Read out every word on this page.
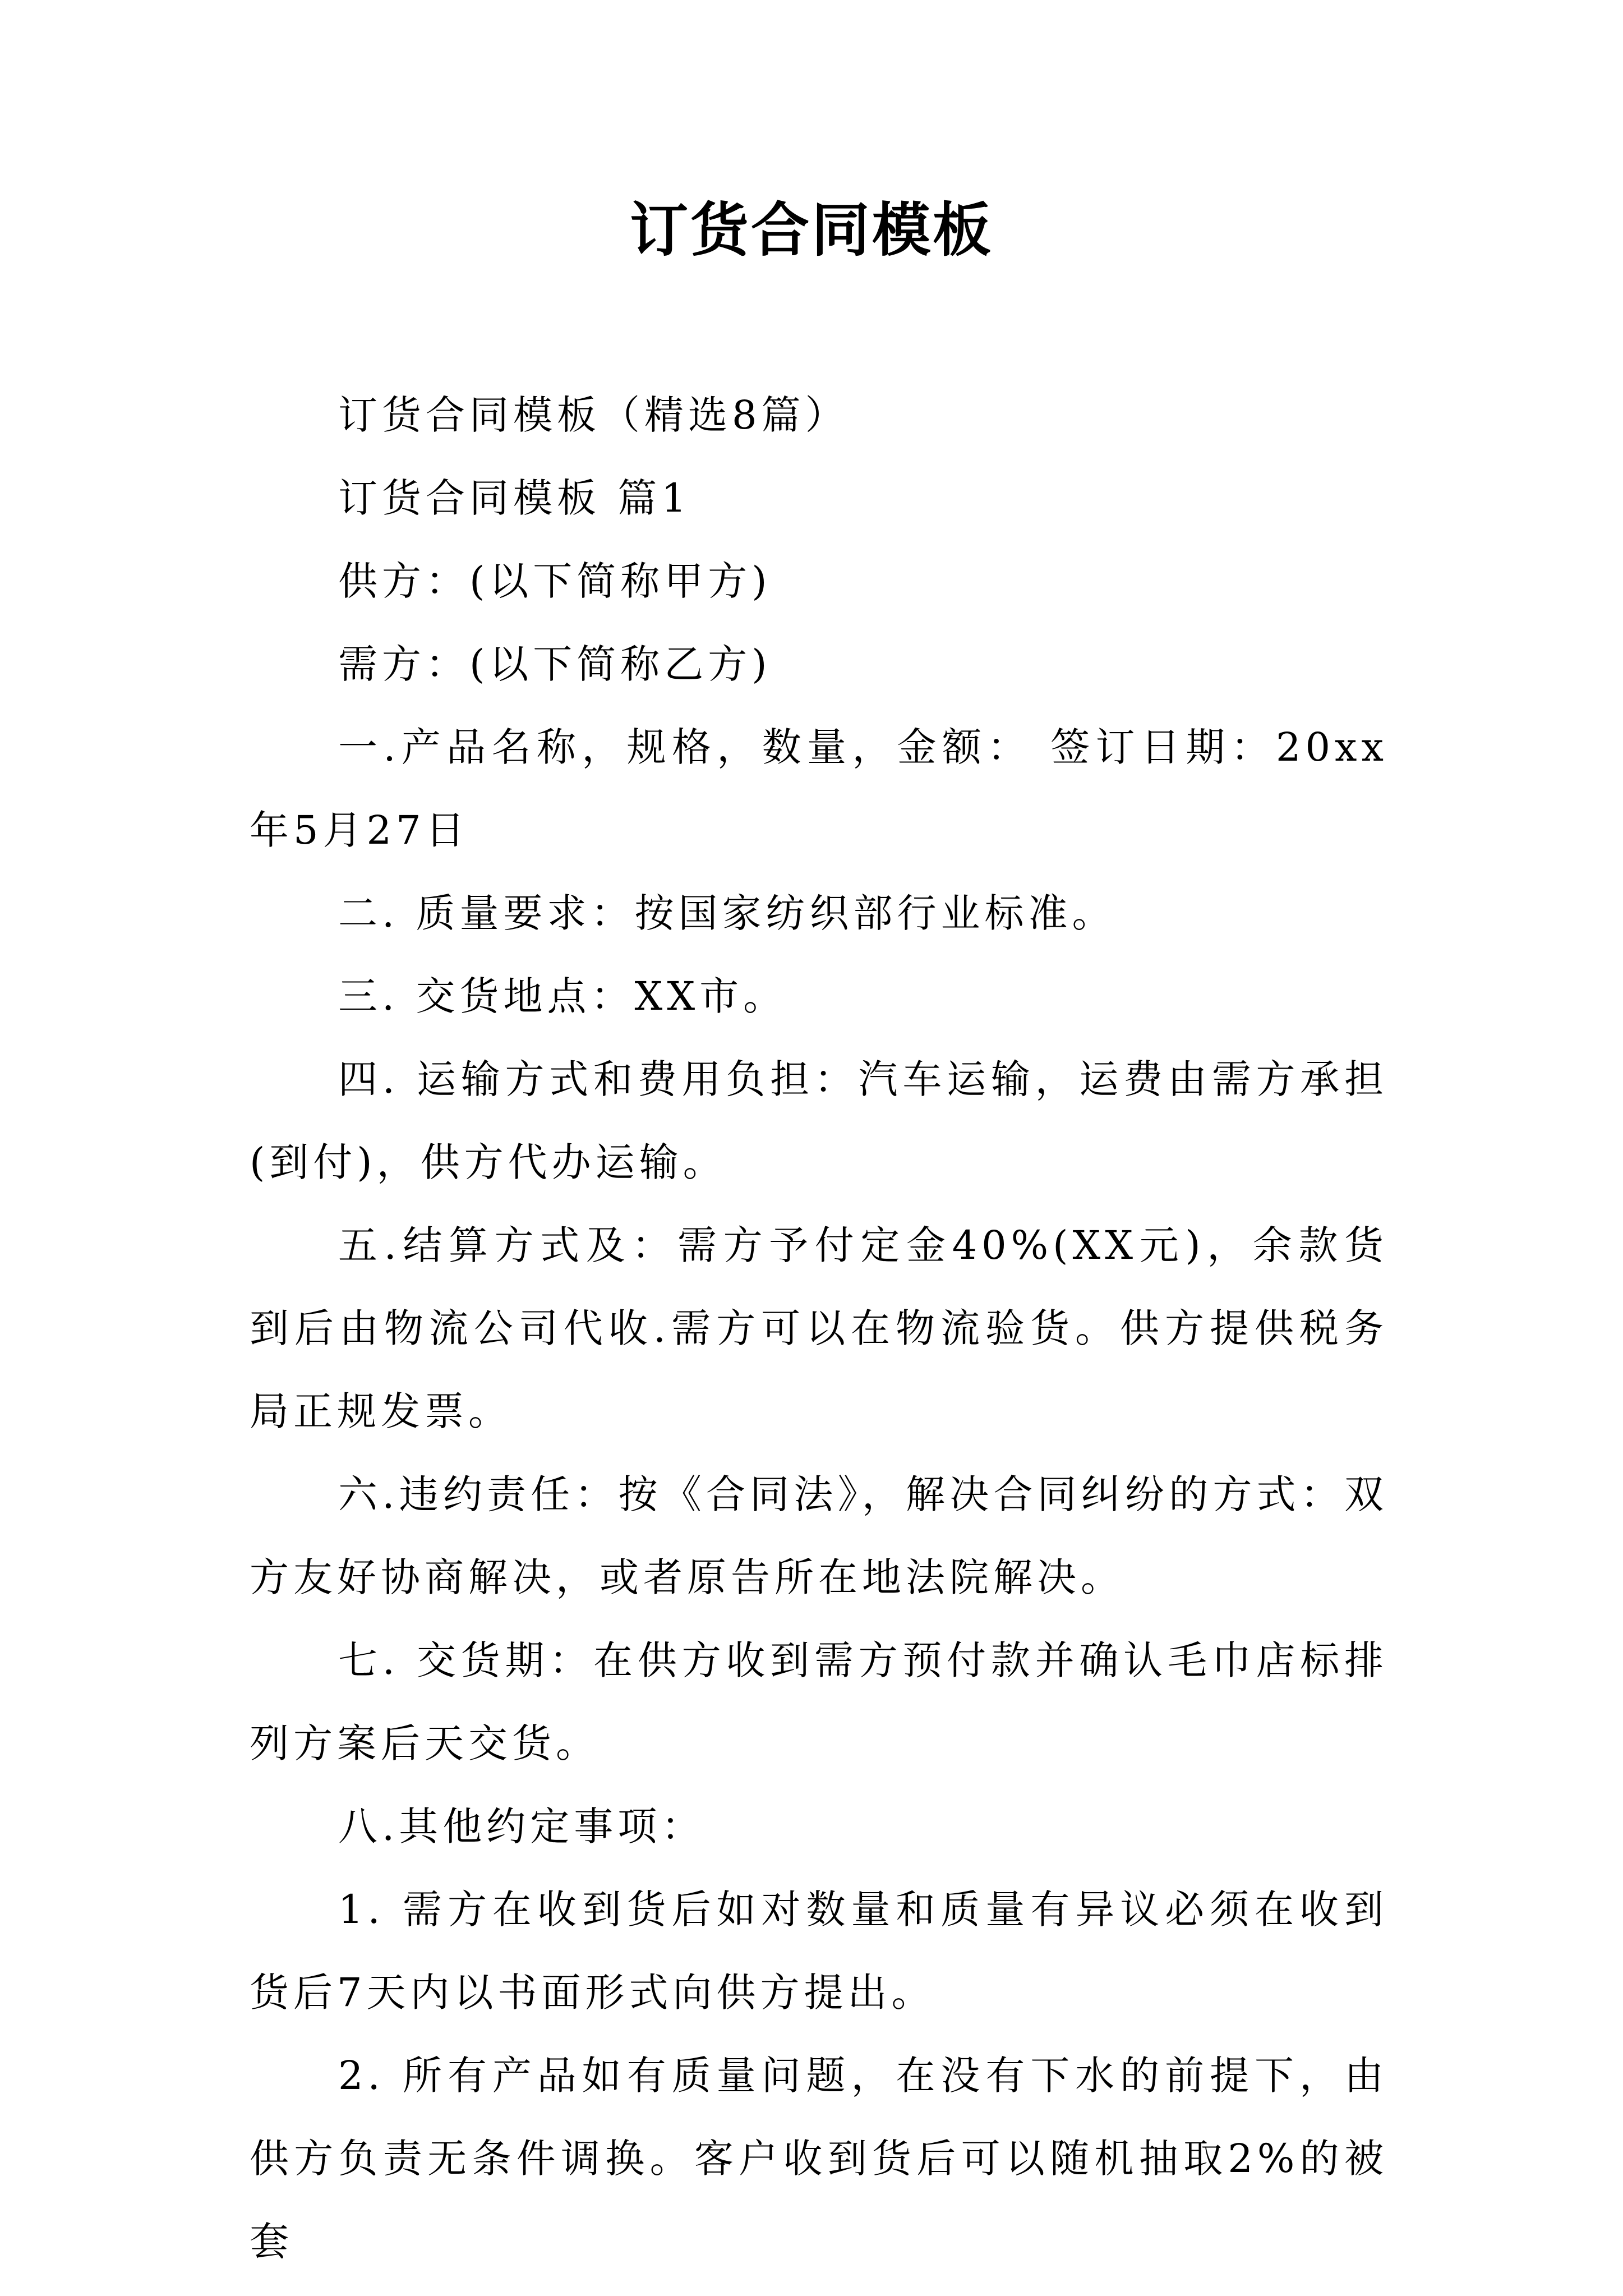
订货合同模板

订货合同模板（精选8篇）

订货合同模板 篇1

供方：(以下简称甲方)

需方：(以下简称乙方)

一.产品名称，规格，数量，金额： 签订日期：20xx年5月27日

二. 质量要求：按国家纺织部行业标准。

三. 交货地点：XX市。

四. 运输方式和费用负担：汽车运输，运费由需方承担(到付)，供方代办运输。

五.结算方式及：需方予付定金40%(XX元)，余款货到后由物流公司代收.需方可以在物流验货。供方提供税务局正规发票。

六.违约责任：按《合同法》，解决合同纠纷的方式：双方友好协商解决，或者原告所在地法院解决。

七. 交货期：在供方收到需方预付款并确认毛巾店标排列方案后天交货。

八.其他约定事项：

1. 需方在收到货后如对数量和质量有异议必须在收到货后7天内以书面形式向供方提出。

2. 所有产品如有质量问题，在没有下水的前提下，由供方负责无条件调换。客户收到货后可以随机抽取2%的被套
